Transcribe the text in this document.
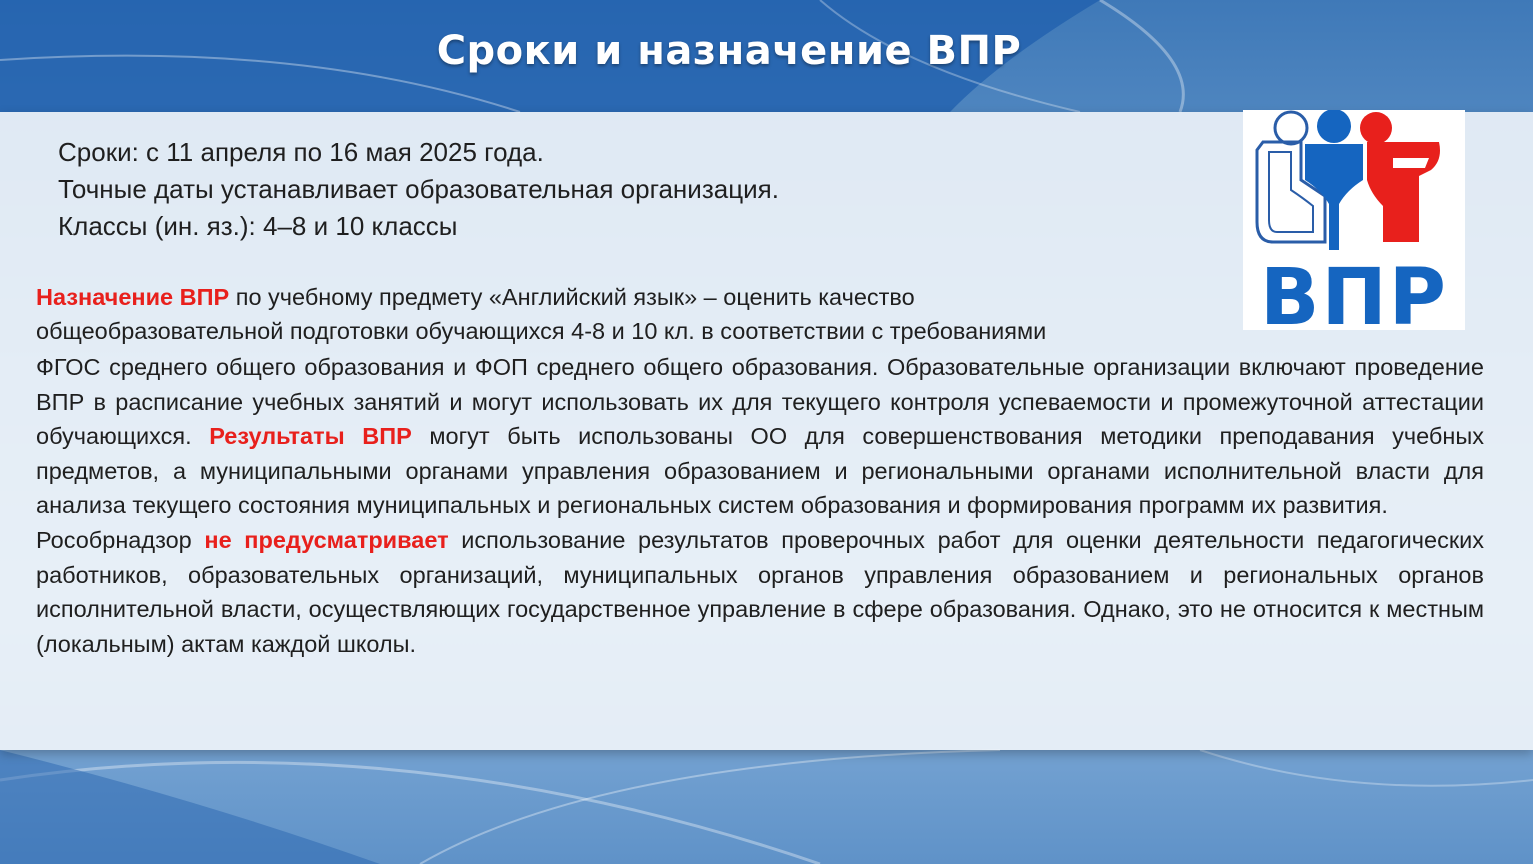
Сроки и назначение ВПР
Сроки: с 11 апреля по 16 мая 2025 года.
Точные даты устанавливает образовательная организация.
Классы (ин. яз.): 4–8 и 10 классы
ВПР
Назначение ВПР по учебному предмету «Английский язык» – оценить качество
общеобразовательной подготовки обучающихся 4-8 и 10 кл. в соответствии с требованиями

ФГОС среднего общего образования и ФОП среднего общего образования. Образовательные организации включают проведение ВПР в расписание учебных занятий и могут использовать их для текущего контроля успеваемости и промежуточной аттестации обучающихся. Результаты ВПР могут быть использованы ОО для совершенствования методики преподавания учебных предметов, а муниципальными органами управления образованием и региональными органами исполнительной власти для анализа текущего состояния муниципальных и региональных систем образования и формирования программ их развития.

Рособрнадзор не предусматривает использование результатов проверочных работ для оценки деятельности педагогических работников, образовательных организаций, муниципальных органов управления образованием и региональных органов исполнительной власти, осуществляющих государственное управление в сфере образования. Однако, это не относится к местным (локальным) актам каждой школы.
